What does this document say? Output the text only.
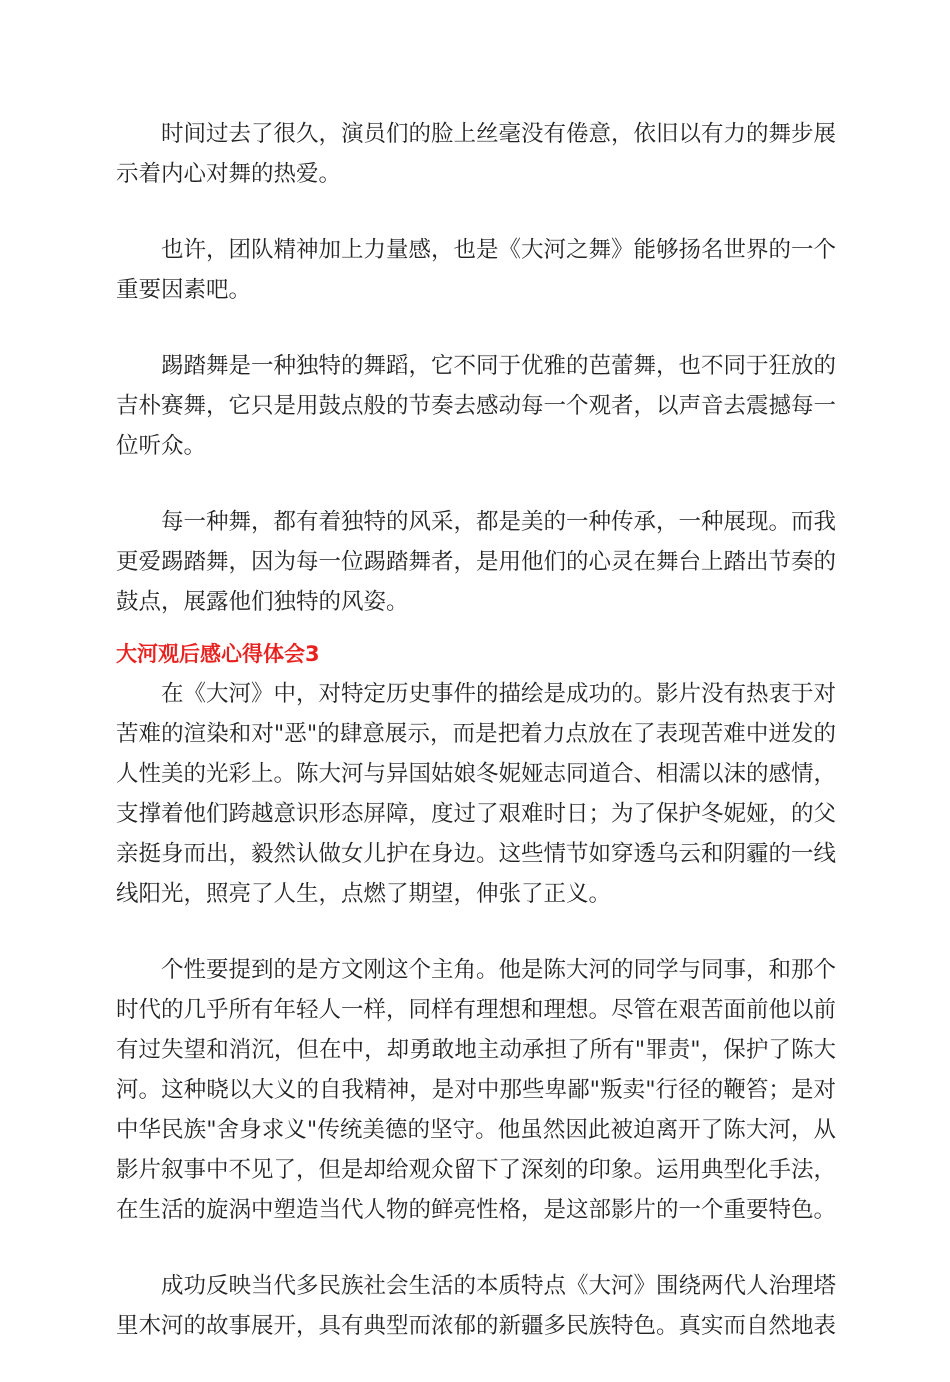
时间过去了很久，演员们的脸上丝毫没有倦意，依旧以有力的舞步展示着内心对舞的热爱。

也许，团队精神加上力量感，也是《大河之舞》能够扬名世界的一个重要因素吧。

踢踏舞是一种独特的舞蹈，它不同于优雅的芭蕾舞，也不同于狂放的吉朴赛舞，它只是用鼓点般的节奏去感动每一个观者，以声音去震撼每一位听众。

每一种舞，都有着独特的风采，都是美的一种传承，一种展现。而我更爱踢踏舞，因为每一位踢踏舞者，是用他们的心灵在舞台上踏出节奏的鼓点，展露他们独特的风姿。

大河观后感心得体会3

在《大河》中，对特定历史事件的描绘是成功的。影片没有热衷于对苦难的渲染和对"恶"的肆意展示，而是把着力点放在了表现苦难中迸发的人性美的光彩上。陈大河与异国姑娘冬妮娅志同道合、相濡以沫的感情，支撑着他们跨越意识形态屏障，度过了艰难时日；为了保护冬妮娅，的父亲挺身而出，毅然认做女儿护在身边。这些情节如穿透乌云和阴霾的一线线阳光，照亮了人生，点燃了期望，伸张了正义。

个性要提到的是方文刚这个主角。他是陈大河的同学与同事，和那个时代的几乎所有年轻人一样，同样有理想和理想。尽管在艰苦面前他以前有过失望和消沉，但在中，却勇敢地主动承担了所有"罪责"，保护了陈大河。这种晓以大义的自我精神，是对中那些卑鄙"叛卖"行径的鞭笞；是对中华民族"舍身求义"传统美德的坚守。他虽然因此被迫离开了陈大河，从影片叙事中不见了，但是却给观众留下了深刻的印象。运用典型化手法，在生活的旋涡中塑造当代人物的鲜亮性格，是这部影片的一个重要特色。

成功反映当代多民族社会生活的本质特点《大河》围绕两代人治理塔里木河的故事展开，具有典型而浓郁的新疆多民族特色。真实而自然地表
